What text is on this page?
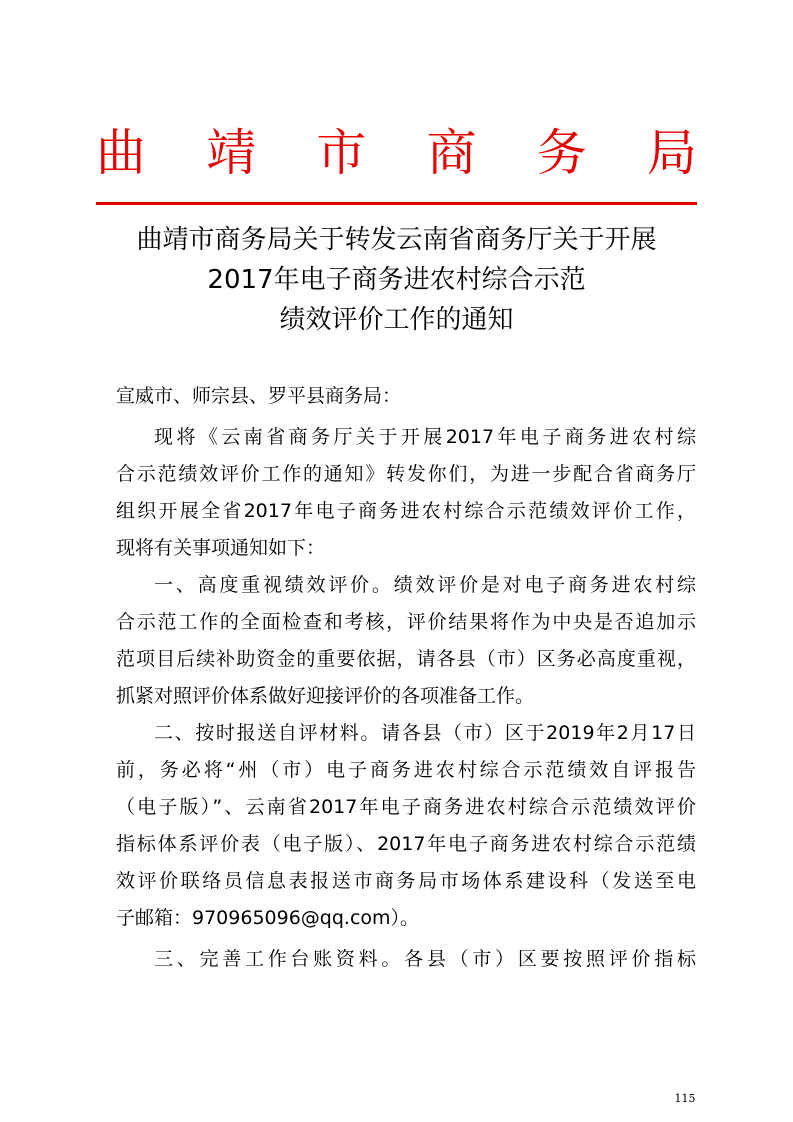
曲 靖 市 商 务 局
曲靖市商务局关于转发云南省商务厅关于开展
2017年电子商务进农村综合示范
绩效评价工作的通知
宣威市、师宗县、罗平县商务局：
现将《云南省商务厅关于开展2017年电子商务进农村综
合示范绩效评价工作的通知》转发你们，为进一步配合省商务厅
组织开展全省2017年电子商务进农村综合示范绩效评价工作，
现将有关事项通知如下：
一、高度重视绩效评价。绩效评价是对电子商务进农村综
合示范工作的全面检查和考核，评价结果将作为中央是否追加示
范项目后续补助资金的重要依据，请各县（市）区务必高度重视，
抓紧对照评价体系做好迎接评价的各项准备工作。
二、按时报送自评材料。请各县（市）区于2019年2月17日
前，务必将“州（市）电子商务进农村综合示范绩效自评报告
（电子版）”、云南省2017年电子商务进农村综合示范绩效评价
指标体系评价表（电子版）、2017年电子商务进农村综合示范绩
效评价联络员信息表报送市商务局市场体系建设科（发送至电
子邮箱：970965096@qq.com）。
三、完善工作台账资料。各县（市）区要按照评价指标
115
